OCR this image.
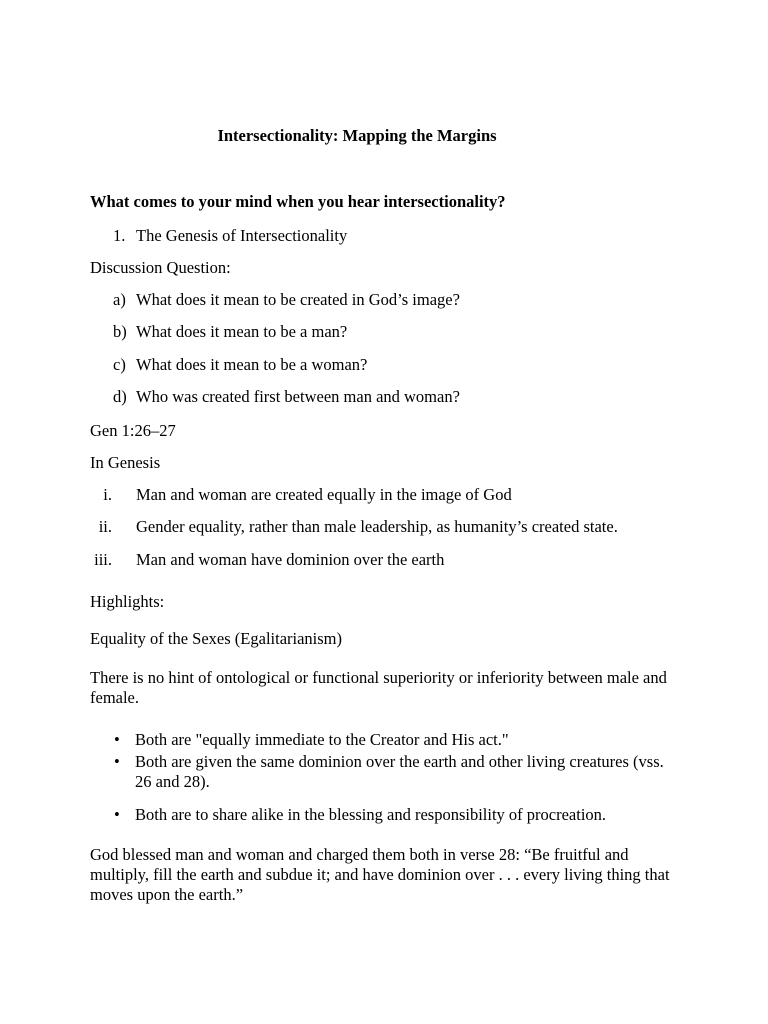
Intersectionality: Mapping the Margins
What comes to your mind when you hear intersectionality?
1. The Genesis of Intersectionality
Discussion Question:
a) What does it mean to be created in God’s image?
b) What does it mean to be a man?
c) What does it mean to be a woman?
d) Who was created first between man and woman?
Gen 1:26–27
In Genesis
i. Man and woman are created equally in the image of God
ii. Gender equality, rather than male leadership, as humanity’s created state.
iii. Man and woman have dominion over the earth
Highlights:
Equality of the Sexes (Egalitarianism)
There is no hint of ontological or functional superiority or inferiority between male and female.
• Both are "equally immediate to the Creator and His act."
• Both are given the same dominion over the earth and other living creatures (vss. 26 and 28).
• Both are to share alike in the blessing and responsibility of procreation.
God blessed man and woman and charged them both in verse 28: “Be fruitful and multiply, fill the earth and subdue it; and have dominion over . . . every living thing that moves upon the earth.”
